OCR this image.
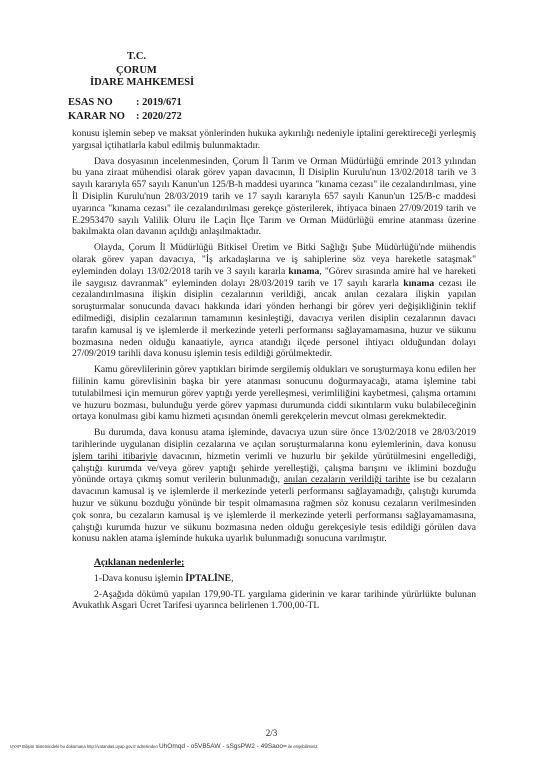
T.C.
ÇORUM
İDARE MAHKEMESİ
ESAS NO : 2019/671
KARAR NO : 2020/272

konusu işlemin sebep ve maksat yönlerinden hukuka aykırılığı nedeniyle iptalini gerektireceği yerleşmiş yargısal içtihatlarla kabul edilmiş bulunmaktadır.

Dava dosyasının incelenmesinden, Çorum İl Tarım ve Orman Müdürlüğü emrinde 2013 yılından bu yana ziraat mühendisi olarak görev yapan davacının, İl Disiplin Kurulu'nun 13/02/2018 tarih ve 3 sayılı kararıyla 657 sayılı Kanun'un 125/B-h maddesi uyarınca "kınama cezası" ile cezalandırılması, yine İl Disiplin Kurulu'nun 28/03/2019 tarih ve 17 sayılı kararıyla 657 sayılı Kanun'un 125/B-c maddesi uyarınca "kınama cezası" ile cezalandırılması gerekçe gösterilerek, ihtiyaca binaen 27/09/2019 tarih ve E.2953470 sayılı Valilik Oluru ile Laçin İlçe Tarım ve Orman Müdürlüğü emrine atanması üzerine bakılmakta olan davanın açıldığı anlaşılmaktadır.

Olayda, Çorum İl Müdürlüğü Bitkisel Üretim ve Bitki Sağlığı Şube Müdürlüğü'nde mühendis olarak görev yapan davacıya, "İş arkadaşlarına ve iş sahiplerine söz veya hareketle sataşmak" eyleminden dolayı 13/02/2018 tarih ve 3 sayılı kararla kınama, "Görev sırasında amire hal ve hareketi ile saygısız davranmak" eyleminden dolayı 28/03/2019 tarih ve 17 sayılı kararla kınama cezası ile cezalandırılmasına ilişkin disiplin cezalarının verildiği, ancak anılan cezalara ilişkin yapılan soruşturmalar sonucunda davacı hakkında idari yönden herhangi bir görev yeri değişikliğinin teklif edilmediği, disiplin cezalarının tamamının kesinleştiği, davacıya verilen disiplin cezalarının davacı tarafın kamusal iş ve işlemlerde il merkezinde yeterli performansı sağlayamamasına, huzur ve sükunu bozmasına neden olduğu kanaatiyle, ayrıca atandığı ilçede personel ihtiyacı olduğundan dolayı 27/09/2019 tarihli dava konusu işlemin tesis edildiği görülmektedir.

Kamu görevlilerinin görev yaptıkları birimde sergilemiş oldukları ve soruşturmaya konu edilen her fiilinin kamu görevlisinin başka bir yere atanması sonucunu doğurmayacağı, atama işlemine tabi tutulabilmesi için memurun görev yaptığı yerde yerelleşmesi, verimliliğini kaybetmesi, çalışma ortamını ve huzuru bozması, bulunduğu yerde görev yapması durumunda ciddi sıkıntıların vuku bulabileceğinin ortaya konulması gibi kamu hizmeti açısından önemli gerekçelerin mevcut olması gerekmektedir.

Bu durumda, dava konusu atama işleminde, davacıya uzun süre önce 13/02/2018 ve 28/03/2019 tarihlerinde uygulanan disiplin cezalarına ve açılan soruşturmalarına konu eylemlerinin, dava konusu işlem tarihi itibariyle davacının, hizmetin verimli ve huzurlu bir şekilde yürütülmesini engellediği, çalıştığı kurumda ve/veya görev yaptığı şehirde yerelleştiği, çalışma barışını ve iklimini bozduğu yönünde ortaya çıkmış somut verilerin bulunmadığı, anılan cezaların verildiği tarihte ise bu cezaların davacının kamusal iş ve işlemlerde il merkezinde yeterli performansı sağlayamadığı, çalıştığı kurumda huzur ve sükunu bozduğu yönünde bir tespit olmamasına rağmen söz konusu cezaların verilmesinden çok sonra, bu cezaların kamusal iş ve işlemlerde il merkezinde yeterli performansı sağlayamamasına, çalıştığı kurumda huzur ve sükunu bozmasına neden olduğu gerekçesiyle tesis edildiği görülen dava konusu naklen atama işleminde hukuka uyarlık bulunmadığı sonucuna varılmıştır.

Açıklanan nedenlerle;

1-Dava konusu işlemin İPTALİNE,

2-Aşağıda dökümü yapılan 179,90-TL yargılama giderinin ve karar tarihinde yürürlükte bulunan Avukatlık Asgari Ücret Tarifesi uyarınca belirlenen 1.700,00-TL

2/3
UYAP Bilişim Sistemindeki bu dokümana http://vatandas.uyap.gov.tr adresinden UhOmqd - o5VB5AW - sSgsPW2 - 49Saoo= ile erişebilirsiniz.
